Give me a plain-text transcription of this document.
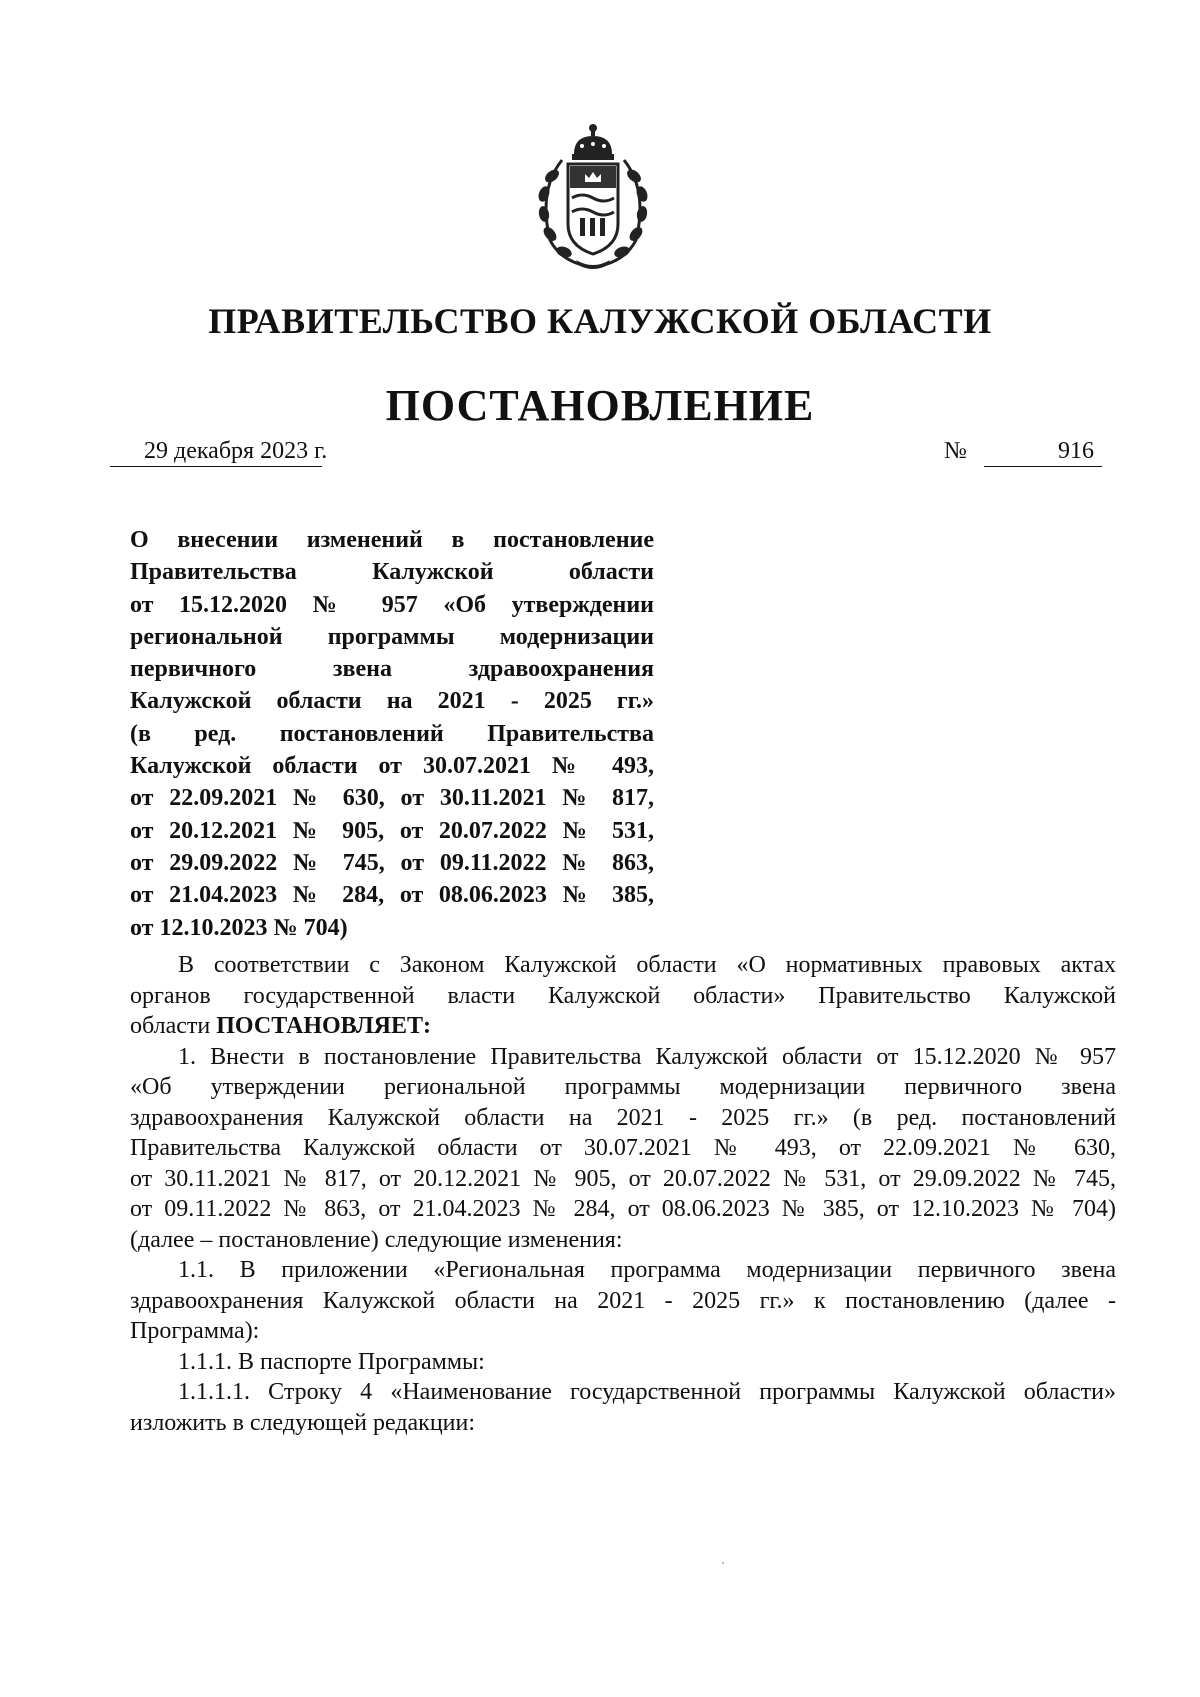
ПРАВИТЕЛЬСТВО КАЛУЖСКОЙ ОБЛАСТИ
ПОСТАНОВЛЕНИЕ
29 декабря 2023 г.	№	916
О внесении изменений в постановление
Правительства Калужской области
от 15.12.2020 № 957 «Об утверждении
региональной программы модернизации
первичного звена здравоохранения
Калужской области на 2021 - 2025 гг.»
(в ред. постановлений Правительства
Калужской области от 30.07.2021 № 493,
от 22.09.2021 № 630, от 30.11.2021 № 817,
от 20.12.2021 № 905, от 20.07.2022 № 531,
от 29.09.2022 № 745, от 09.11.2022 № 863,
от 21.04.2023 № 284, от 08.06.2023 № 385,
от 12.10.2023 № 704)
В соответствии с Законом Калужской области «О нормативных правовых актах
органов государственной власти Калужской области» Правительство Калужской
области ПОСТАНОВЛЯЕТ:
1. Внести в постановление Правительства Калужской области от 15.12.2020 № 957
«Об утверждении региональной программы модернизации первичного звена
здравоохранения Калужской области на 2021 - 2025 гг.» (в ред. постановлений
Правительства Калужской области от 30.07.2021 № 493, от 22.09.2021 № 630,
от 30.11.2021 № 817, от 20.12.2021 № 905, от 20.07.2022 № 531, от 29.09.2022 № 745,
от 09.11.2022 № 863, от 21.04.2023 № 284, от 08.06.2023 № 385, от 12.10.2023 № 704)
(далее – постановление) следующие изменения:
1.1. В приложении «Региональная программа модернизации первичного звена
здравоохранения Калужской области на 2021 - 2025 гг.» к постановлению (далее -
Программа):
1.1.1. В паспорте Программы:
1.1.1.1. Строку 4 «Наименование государственной программы Калужской области»
изложить в следующей редакции:
